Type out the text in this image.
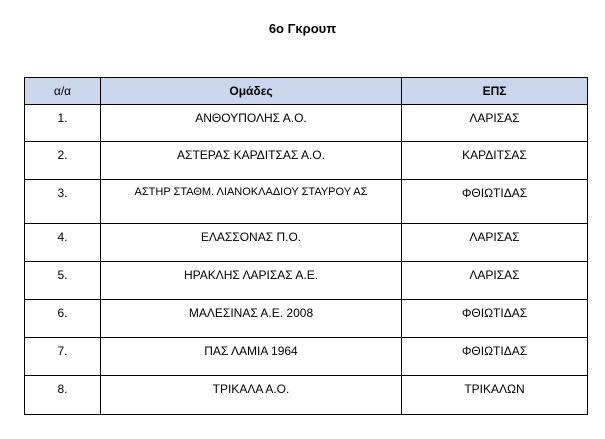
6ο Γκρουπ
α/α	Ομάδες	ΕΠΣ
1.	ΑΝΘΟΥΠΟΛΗΣ Α.Ο.	ΛΑΡΙΣΑΣ
2.	ΑΣΤΕΡΑΣ ΚΑΡΔΙΤΣΑΣ Α.Ο.	ΚΑΡΔΙΤΣΑΣ
3.	ΑΣΤΗΡ ΣΤΑΘΜ. ΛΙΑΝΟΚΛΑΔΙΟΥ ΣΤΑΥΡΟΥ ΑΣ	ΦΘΙΩΤΙΔΑΣ
4.	ΕΛΑΣΣΟΝΑΣ Π.Ο.	ΛΑΡΙΣΑΣ
5.	ΗΡΑΚΛΗΣ ΛΑΡΙΣΑΣ Α.Ε.	ΛΑΡΙΣΑΣ
6.	ΜΑΛΕΣΙΝΑΣ Α.Ε. 2008	ΦΘΙΩΤΙΔΑΣ
7.	ΠΑΣ ΛΑΜΙΑ 1964	ΦΘΙΩΤΙΔΑΣ
8.	ΤΡΙΚΑΛΑ Α.Ο.	ΤΡΙΚΑΛΩΝ
